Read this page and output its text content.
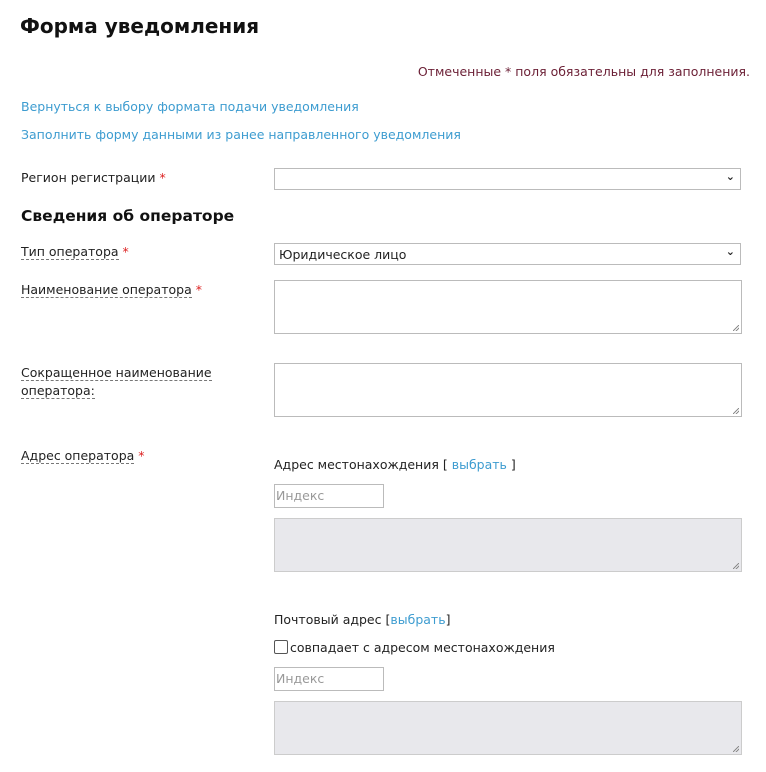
Форма уведомления
Отмеченные * поля обязательны для заполнения.
Вернуться к выбору формата подачи уведомления
Заполнить форму данными из ранее направленного уведомления
Регион регистрации *	⌄
Сведения об операторе
Тип оператора *	Юридическое лицо	⌄
Наименование оператора *
Сокращенное наименование
оператора:
Адрес оператора *
Адрес местонахождения [ выбрать ]
Индекс
Почтовый адрес [выбрать]
совпадает с адресом местонахождения
Индекс
